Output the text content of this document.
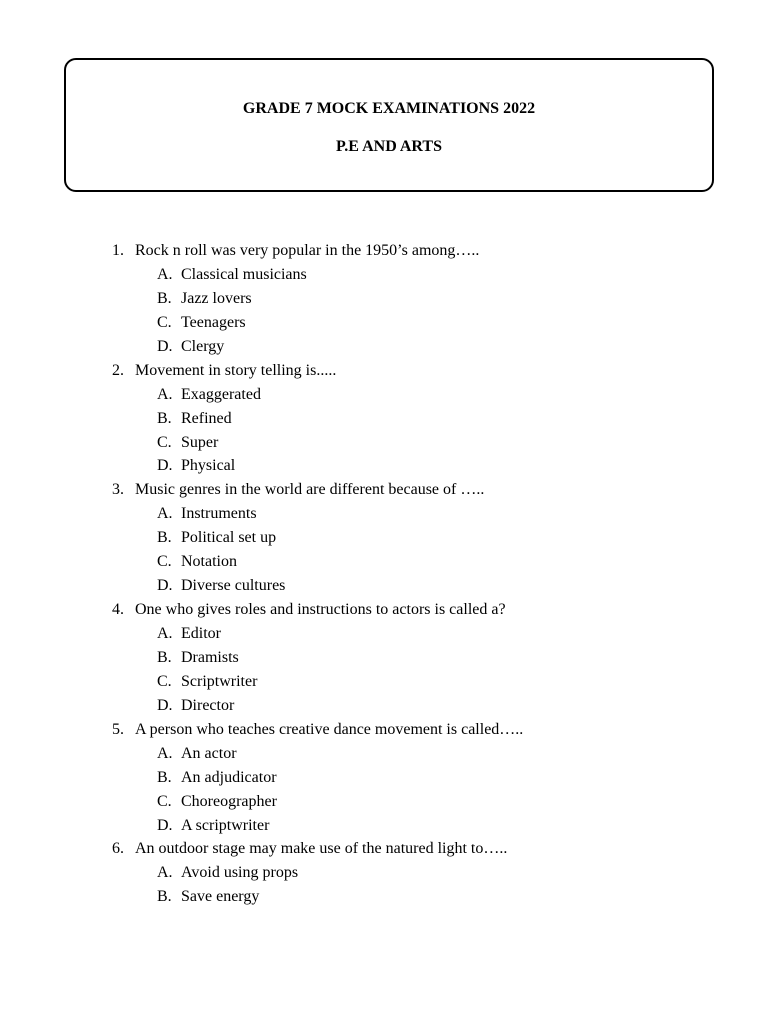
GRADE 7 MOCK EXAMINATIONS 2022
P.E AND ARTS
1. Rock n roll was very popular in the 1950’s among…..
A. Classical musicians
B. Jazz lovers
C. Teenagers
D. Clergy
2. Movement in story telling is.....
A. Exaggerated
B. Refined
C. Super
D. Physical
3. Music genres in the world are different because of …..
A. Instruments
B. Political set up
C. Notation
D. Diverse cultures
4. One who gives roles and instructions to actors is called a?
A. Editor
B. Dramists
C. Scriptwriter
D. Director
5. A person who teaches creative dance movement is called…..
A. An actor
B. An adjudicator
C. Choreographer
D. A scriptwriter
6. An outdoor stage may make use of the natured light to…..
A. Avoid using props
B. Save energy
